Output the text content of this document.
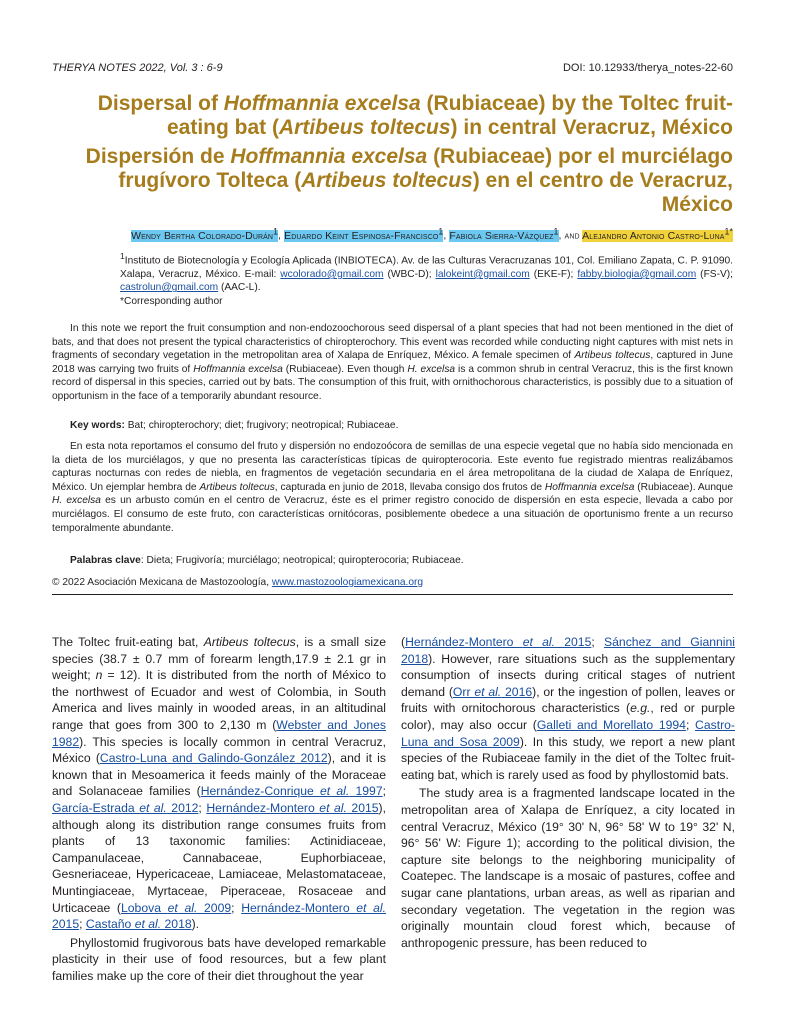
THERYA NOTES 2022, Vol. 3 : 6-9	DOI: 10.12933/therya_notes-22-60
Dispersal of Hoffmannia excelsa (Rubiaceae) by the Toltec fruit-eating bat (Artibeus toltecus) in central Veracruz, México
Dispersión de Hoffmannia excelsa (Rubiaceae) por el murciélago frugívoro Tolteca (Artibeus toltecus) en el centro de Veracruz, México
Wendy Bertha Colorado-Durán$^1$, Eduardo Keint Espinosa-Francisco$^1$, Fabiola Sierra-Vázquez$^1$, and Alejandro Antonio Castro-Luna$^{1*}$
$^1$Instituto de Biotecnología y Ecología Aplicada (INBIOTECA). Av. de las Culturas Veracruzanas 101, Col. Emiliano Zapata, C. P. 91090. Xalapa, Veracruz, México. E-mail: wcolorado@gmail.com (WBC-D); lalokeint@gmail.com (EKE-F); fabby.biologia@gmail.com (FS-V); castrolun@gmail.com (AAC-L).
*Corresponding author
In this note we report the fruit consumption and non-endozoochorous seed dispersal of a plant species that had not been mentioned in the diet of bats, and that does not present the typical characteristics of chiropterochory. This event was recorded while conducting night captures with mist nets in fragments of secondary vegetation in the metropolitan area of Xalapa de Enríquez, México. A female specimen of Artibeus toltecus, captured in June 2018 was carrying two fruits of Hoffmannia excelsa (Rubiaceae). Even though H. excelsa is a common shrub in central Veracruz, this is the first known record of dispersal in this species, carried out by bats. The consumption of this fruit, with ornithochorous characteristics, is possibly due to a situation of opportunism in the face of a temporarily abundant resource.
Key words: Bat; chiropterochory; diet; frugivory; neotropical; Rubiaceae.
En esta nota reportamos el consumo del fruto y dispersión no endozoócora de semillas de una especie vegetal que no había sido mencionada en la dieta de los murciélagos, y que no presenta las características típicas de quiropterocoria. Este evento fue registrado mientras realizábamos capturas nocturnas con redes de niebla, en fragmentos de vegetación secundaria en el área metropolitana de la ciudad de Xalapa de Enríquez, México. Un ejemplar hembra de Artibeus toltecus, capturada en junio de 2018, llevaba consigo dos frutos de Hoffmannia excelsa (Rubiaceae). Aunque H. excelsa es un arbusto común en el centro de Veracruz, éste es el primer registro conocido de dispersión en esta especie, llevada a cabo por murciélagos. El consumo de este fruto, con características ornitócoras, posiblemente obedece a una situación de oportunismo frente a un recurso temporalmente abundante.
Palabras clave: Dieta; Frugivoría; murciélago; neotropical; quiropterocoria; Rubiaceae.
© 2022 Asociación Mexicana de Mastozoología, www.mastozoologiamexicana.org

The Toltec fruit-eating bat, Artibeus toltecus, is a small size species (38.7 ± 0.7 mm of forearm length,17.9 ± 2.1 gr in weight; n = 12). It is distributed from the north of México to the northwest of Ecuador and west of Colombia, in South America and lives mainly in wooded areas, in an altitudinal range that goes from 300 to 2,130 m (Webster and Jones 1982). This species is locally common in central Veracruz, México (Castro-Luna and Galindo-González 2012), and it is known that in Mesoamerica it feeds mainly of the Moraceae and Solanaceae families (Hernández-Conrique et al. 1997; García-Estrada et al. 2012; Hernández-Montero et al. 2015), although along its distribution range consumes fruits from plants of 13 taxonomic families: Actinidiaceae, Campanulaceae, Cannabaceae, Euphorbiaceae, Gesneriaceae, Hypericaceae, Lamiaceae, Melastomataceae, Muntingiaceae, Myrtaceae, Piperaceae, Rosaceae and Urticaceae (Lobova et al. 2009; Hernández-Montero et al. 2015; Castaño et al. 2018).

Phyllostomid frugivorous bats have developed remarkable plasticity in their use of food resources, but a few plant families make up the core of their diet throughout the year

(Hernández-Montero et al. 2015; Sánchez and Giannini 2018). However, rare situations such as the supplementary consumption of insects during critical stages of nutrient demand (Orr et al. 2016), or the ingestion of pollen, leaves or fruits with ornitochorous characteristics (e.g., red or purple color), may also occur (Galleti and Morellato 1994; Castro-Luna and Sosa 2009). In this study, we report a new plant species of the Rubiaceae family in the diet of the Toltec fruit-eating bat, which is rarely used as food by phyllostomid bats.

The study area is a fragmented landscape located in the metropolitan area of Xalapa de Enríquez, a city located in central Veracruz, México (19° 30' N, 96° 58' W to 19° 32' N, 96° 56' W: Figure 1); according to the political division, the capture site belongs to the neighboring municipality of Coatepec. The landscape is a mosaic of pastures, coffee and sugar cane plantations, urban areas, as well as riparian and secondary vegetation. The vegetation in the region was originally mountain cloud forest which, because of anthropogenic pressure, has been reduced to
